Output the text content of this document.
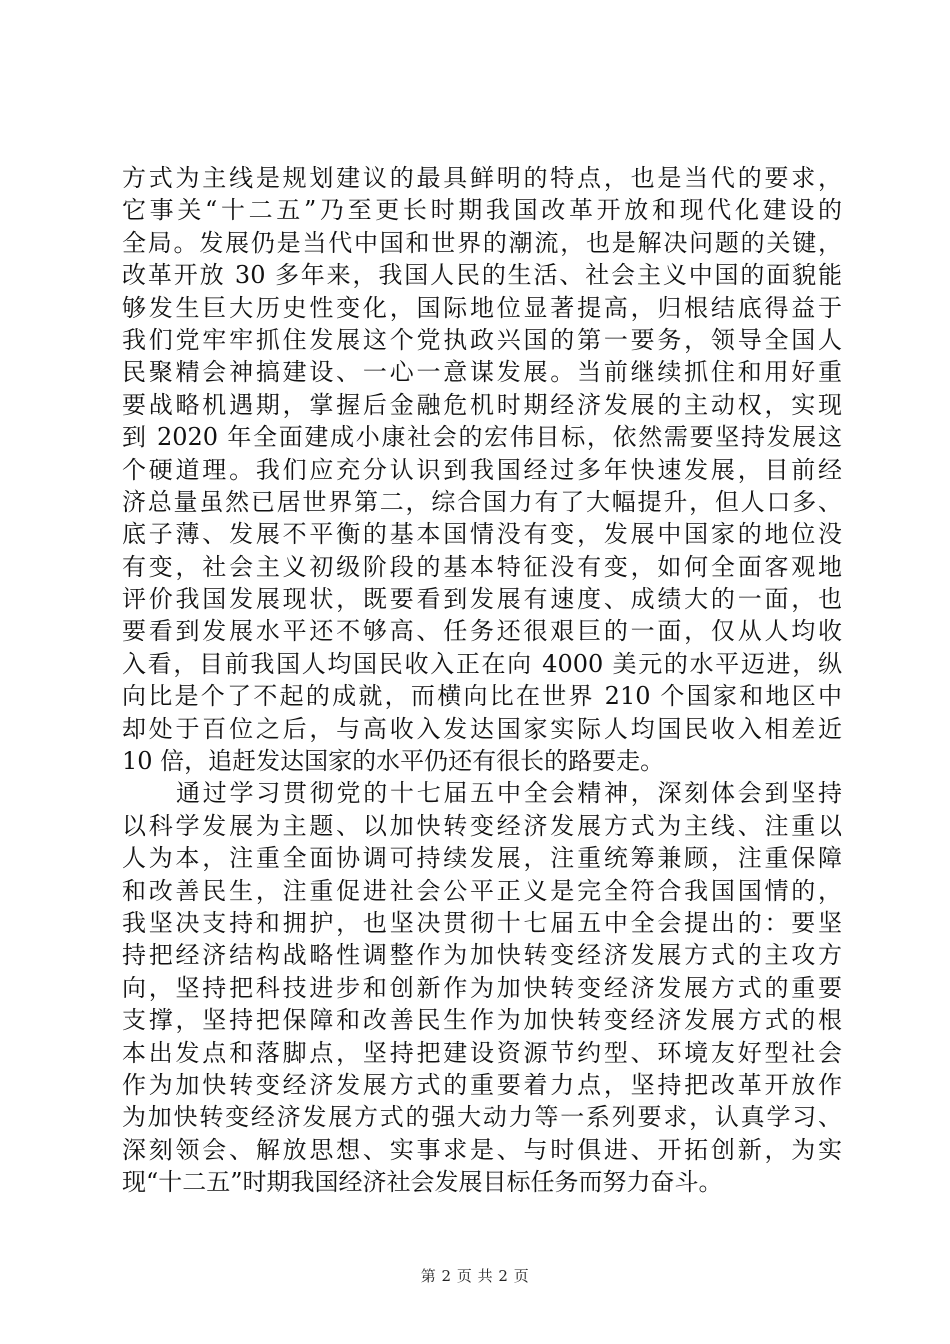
方式为主线是规划建议的最具鲜明的特点，也是当代的要求，
它事关“十二五”乃至更长时期我国改革开放和现代化建设的
全局。发展仍是当代中国和世界的潮流，也是解决问题的关键，
改革开放 30 多年来，我国人民的生活、社会主义中国的面貌能
够发生巨大历史性变化，国际地位显著提高，归根结底得益于
我们党牢牢抓住发展这个党执政兴国的第一要务，领导全国人
民聚精会神搞建设、一心一意谋发展。当前继续抓住和用好重
要战略机遇期，掌握后金融危机时期经济发展的主动权，实现
到 2020 年全面建成小康社会的宏伟目标，依然需要坚持发展这
个硬道理。我们应充分认识到我国经过多年快速发展，目前经
济总量虽然已居世界第二，综合国力有了大幅提升，但人口多、
底子薄、发展不平衡的基本国情没有变，发展中国家的地位没
有变，社会主义初级阶段的基本特征没有变，如何全面客观地
评价我国发展现状，既要看到发展有速度、成绩大的一面，也
要看到发展水平还不够高、任务还很艰巨的一面，仅从人均收
入看，目前我国人均国民收入正在向 4000 美元的水平迈进，纵
向比是个了不起的成就，而横向比在世界 210 个国家和地区中
却处于百位之后，与高收入发达国家实际人均国民收入相差近
10 倍，追赶发达国家的水平仍还有很长的路要走。
通过学习贯彻党的十七届五中全会精神，深刻体会到坚持
以科学发展为主题、以加快转变经济发展方式为主线、注重以
人为本，注重全面协调可持续发展，注重统筹兼顾，注重保障
和改善民生，注重促进社会公平正义是完全符合我国国情的，
我坚决支持和拥护，也坚决贯彻十七届五中全会提出的：要坚
持把经济结构战略性调整作为加快转变经济发展方式的主攻方
向，坚持把科技进步和创新作为加快转变经济发展方式的重要
支撑，坚持把保障和改善民生作为加快转变经济发展方式的根
本出发点和落脚点，坚持把建设资源节约型、环境友好型社会
作为加快转变经济发展方式的重要着力点，坚持把改革开放作
为加快转变经济发展方式的强大动力等一系列要求，认真学习、
深刻领会、解放思想、实事求是、与时俱进、开拓创新，为实
现“十二五”时期我国经济社会发展目标任务而努力奋斗。
第 2 页 共 2 页
